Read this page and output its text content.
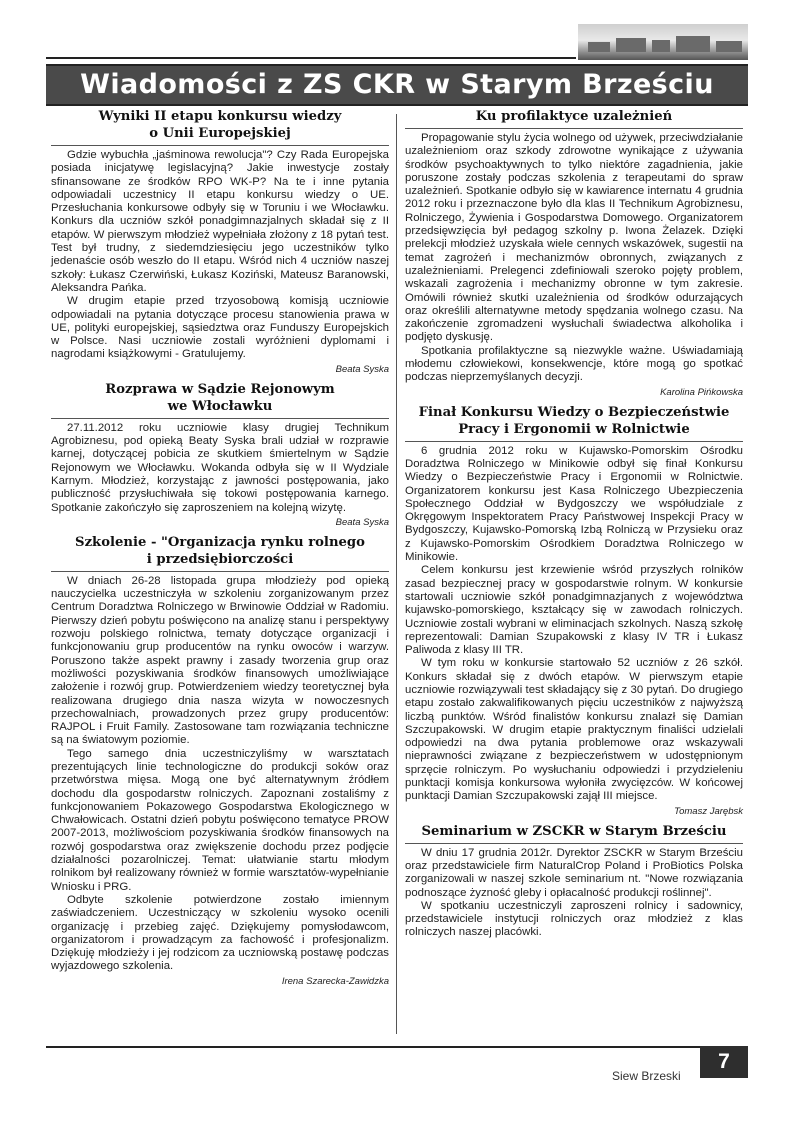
Wiadomości z ZS CKR w Starym Brześciu
Wyniki II etapu konkursu wiedzy
o Unii Europejskiej

Gdzie wybuchła „jaśminowa rewolucja"? Czy Rada Europejska posiada inicjatywę legislacyjną? Jakie inwestycje zostały sfinansowane ze środków RPO WK-P? Na te i inne pytania odpowiadali uczestnicy II etapu konkursu wiedzy o UE. Przesłuchania konkursowe odbyły się w Toruniu i we Włocławku. Konkurs dla uczniów szkół ponadgimnazjalnych składał się z II etapów. W pierwszym młodzież wypełniała złożony z 18 pytań test. Test był trudny, z siedemdziesięciu jego uczestników tylko jedenaście osób weszło do II etapu. Wśród nich 4 uczniów naszej szkoły: Łukasz Czerwiński, Łukasz Koziński, Mateusz Baranowski, Aleksandra Pańka.

W drugim etapie przed trzyosobową komisją uczniowie odpowiadali na pytania dotyczące procesu stanowienia prawa w UE, polityki europejskiej, sąsiedztwa oraz Funduszy Europejskich w Polsce. Nasi uczniowie zostali wyróżnieni dyplomami i nagrodami książkowymi - Gratulujemy.

Beata Syska
Rozprawa w Sądzie Rejonowym
we Włocławku

27.11.2012 roku uczniowie klasy drugiej Technikum Agrobiznesu, pod opieką Beaty Syska brali udział w rozprawie karnej, dotyczącej pobicia ze skutkiem śmiertelnym w Sądzie Rejonowym we Włocławku. Wokanda odbyła się w II Wydziale Karnym. Młodzież, korzystając z jawności postępowania, jako publiczność przysłuchiwała się tokowi postępowania karnego. Spotkanie zakończyło się zaproszeniem na kolejną wizytę.

Beata Syska
Szkolenie - "Organizacja rynku rolnego
i przedsiębiorczości

W dniach 26-28 listopada grupa młodzieży pod opieką nauczycielka uczestniczyła w szkoleniu zorganizowanym przez Centrum Doradztwa Rolniczego w Brwinowie Oddział w Radomiu. Pierwszy dzień pobytu poświęcono na analizę stanu i perspektywy rozwoju polskiego rolnictwa, tematy dotyczące organizacji i funkcjonowaniu grup producentów na rynku owoców i warzyw. Poruszono także aspekt prawny i zasady tworzenia grup oraz możliwości pozyskiwania środków finansowych umożliwiające założenie i rozwój grup. Potwierdzeniem wiedzy teoretycznej była realizowana drugiego dnia nasza wizyta w nowoczesnych przechowalniach, prowadzonych przez grupy producentów: RAJPOL i Fruit Family. Zastosowane tam rozwiązania techniczne są na światowym poziomie.

Tego samego dnia uczestniczyliśmy w warsztatach prezentujących linie technologiczne do produkcji soków oraz przetwórstwa mięsa. Mogą one być alternatywnym źródłem dochodu dla gospodarstw rolniczych. Zapoznani zostaliśmy z funkcjonowaniem Pokazowego Gospodarstwa Ekologicznego w Chwałowicach. Ostatni dzień pobytu poświęcono tematyce PROW 2007-2013, możliwościom pozyskiwania środków finansowych na rozwój gospodarstwa oraz zwiększenie dochodu przez podjęcie działalności pozarolniczej. Temat: ułatwianie startu młodym rolnikom był realizowany również w formie warsztatów-wypełnianie Wniosku i PRG.

Odbyte szkolenie potwierdzone zostało imiennym zaświadczeniem. Uczestniczący w szkoleniu wysoko ocenili organizację i przebieg zajęć. Dziękujemy pomysłodawcom, organizatorom i prowadzącym za fachowość i profesjonalizm. Dziękuję młodzieży i jej rodzicom za uczniowską postawę podczas wyjazdowego szkolenia.

Irena Szarecka-Zawidzka
Ku profilaktyce uzależnień

Propagowanie stylu życia wolnego od używek, przeciwdziałanie uzależnieniom oraz szkody zdrowotne wynikające z używania środków psychoaktywnych to tylko niektóre zagadnienia, jakie poruszone zostały podczas szkolenia z terapeutami do spraw uzależnień. Spotkanie odbyło się w kawiarence internatu 4 grudnia 2012 roku i przeznaczone było dla klas II Technikum Agrobiznesu, Rolniczego, Żywienia i Gospodarstwa Domowego. Organizatorem przedsięwzięcia był pedagog szkolny p. Iwona Żelazek. Dzięki prelekcji młodzież uzyskała wiele cennych wskazówek, sugestii na temat zagrożeń i mechanizmów obronnych, związanych z uzależnieniami. Prelegenci zdefiniowali szeroko pojęty problem, wskazali zagrożenia i mechanizmy obronne w tym zakresie. Omówili również skutki uzależnienia od środków odurzających oraz określili alternatywne metody spędzania wolnego czasu. Na zakończenie zgromadzeni wysłuchali świadectwa alkoholika i podjęto dyskusję.

Spotkania profilaktyczne są niezwykle ważne. Uświadamiają młodemu człowiekowi, konsekwencje, które mogą go spotkać podczas nieprzemyślanych decyzji.

Karolina Pińkowska
Finał Konkursu Wiedzy o Bezpieczeństwie
Pracy i Ergonomii w Rolnictwie

6 grudnia 2012 roku w Kujawsko-Pomorskim Ośrodku Doradztwa Rolniczego w Minikowie odbył się finał Konkursu Wiedzy o Bezpieczeństwie Pracy i Ergonomii w Rolnictwie. Organizatorem konkursu jest Kasa Rolniczego Ubezpieczenia Społecznego Oddział w Bydgoszczy we współudziale z Okręgowym Inspektoratem Pracy Państwowej Inspekcji Pracy w Bydgoszczy, Kujawsko-Pomorską Izbą Rolniczą w Przysieku oraz z Kujawsko-Pomorskim Ośrodkiem Doradztwa Rolniczego w Minikowie.

Celem konkursu jest krzewienie wśród przyszłych rolników zasad bezpiecznej pracy w gospodarstwie rolnym. W konkursie startowali uczniowie szkół ponadgimnazjanych z województwa kujawsko-pomorskiego, kształcący się w zawodach rolniczych. Uczniowie zostali wybrani w eliminacjach szkolnych. Naszą szkołę reprezentowali: Damian Szupakowski z klasy IV TR i Łukasz Paliwoda z klasy III TR.

W tym roku w konkursie startowało 52 uczniów z 26 szkół. Konkurs składał się z dwóch etapów. W pierwszym etapie uczniowie rozwiązywali test składający się z 30 pytań. Do drugiego etapu zostało zakwalifikowanych pięciu uczestników z najwyższą liczbą punktów. Wśród finalistów konkursu znalazł się Damian Szczupakowski. W drugim etapie praktycznym finaliści udzielali odpowiedzi na dwa pytania problemowe oraz wskazywali nieprawności związane z bezpieczeństwem w udostępnionym sprzęcie rolniczym. Po wysłuchaniu odpowiedzi i przydzieleniu punktacji komisja konkursowa wyłoniła zwycięzców. W końcowej punktacji Damian Szczupakowski zajął III miejsce.

Tomasz Jarębsk
Seminarium w ZSCKR w Starym Brześciu

W dniu 17 grudnia 2012r. Dyrektor ZSCKR w Starym Brześciu oraz przedstawiciele firm NaturalCrop Poland i ProBiotics Polska zorganizowali w naszej szkole seminarium nt. "Nowe rozwiązania podnoszące żyzność gleby i opłacalność produkcji roślinnej".

W spotkaniu uczestniczyli zaproszeni rolnicy i sadownicy, przedstawiciele instytucji rolniczych oraz młodzież z klas rolniczych naszej placówki.

Siew Brzeski
7
